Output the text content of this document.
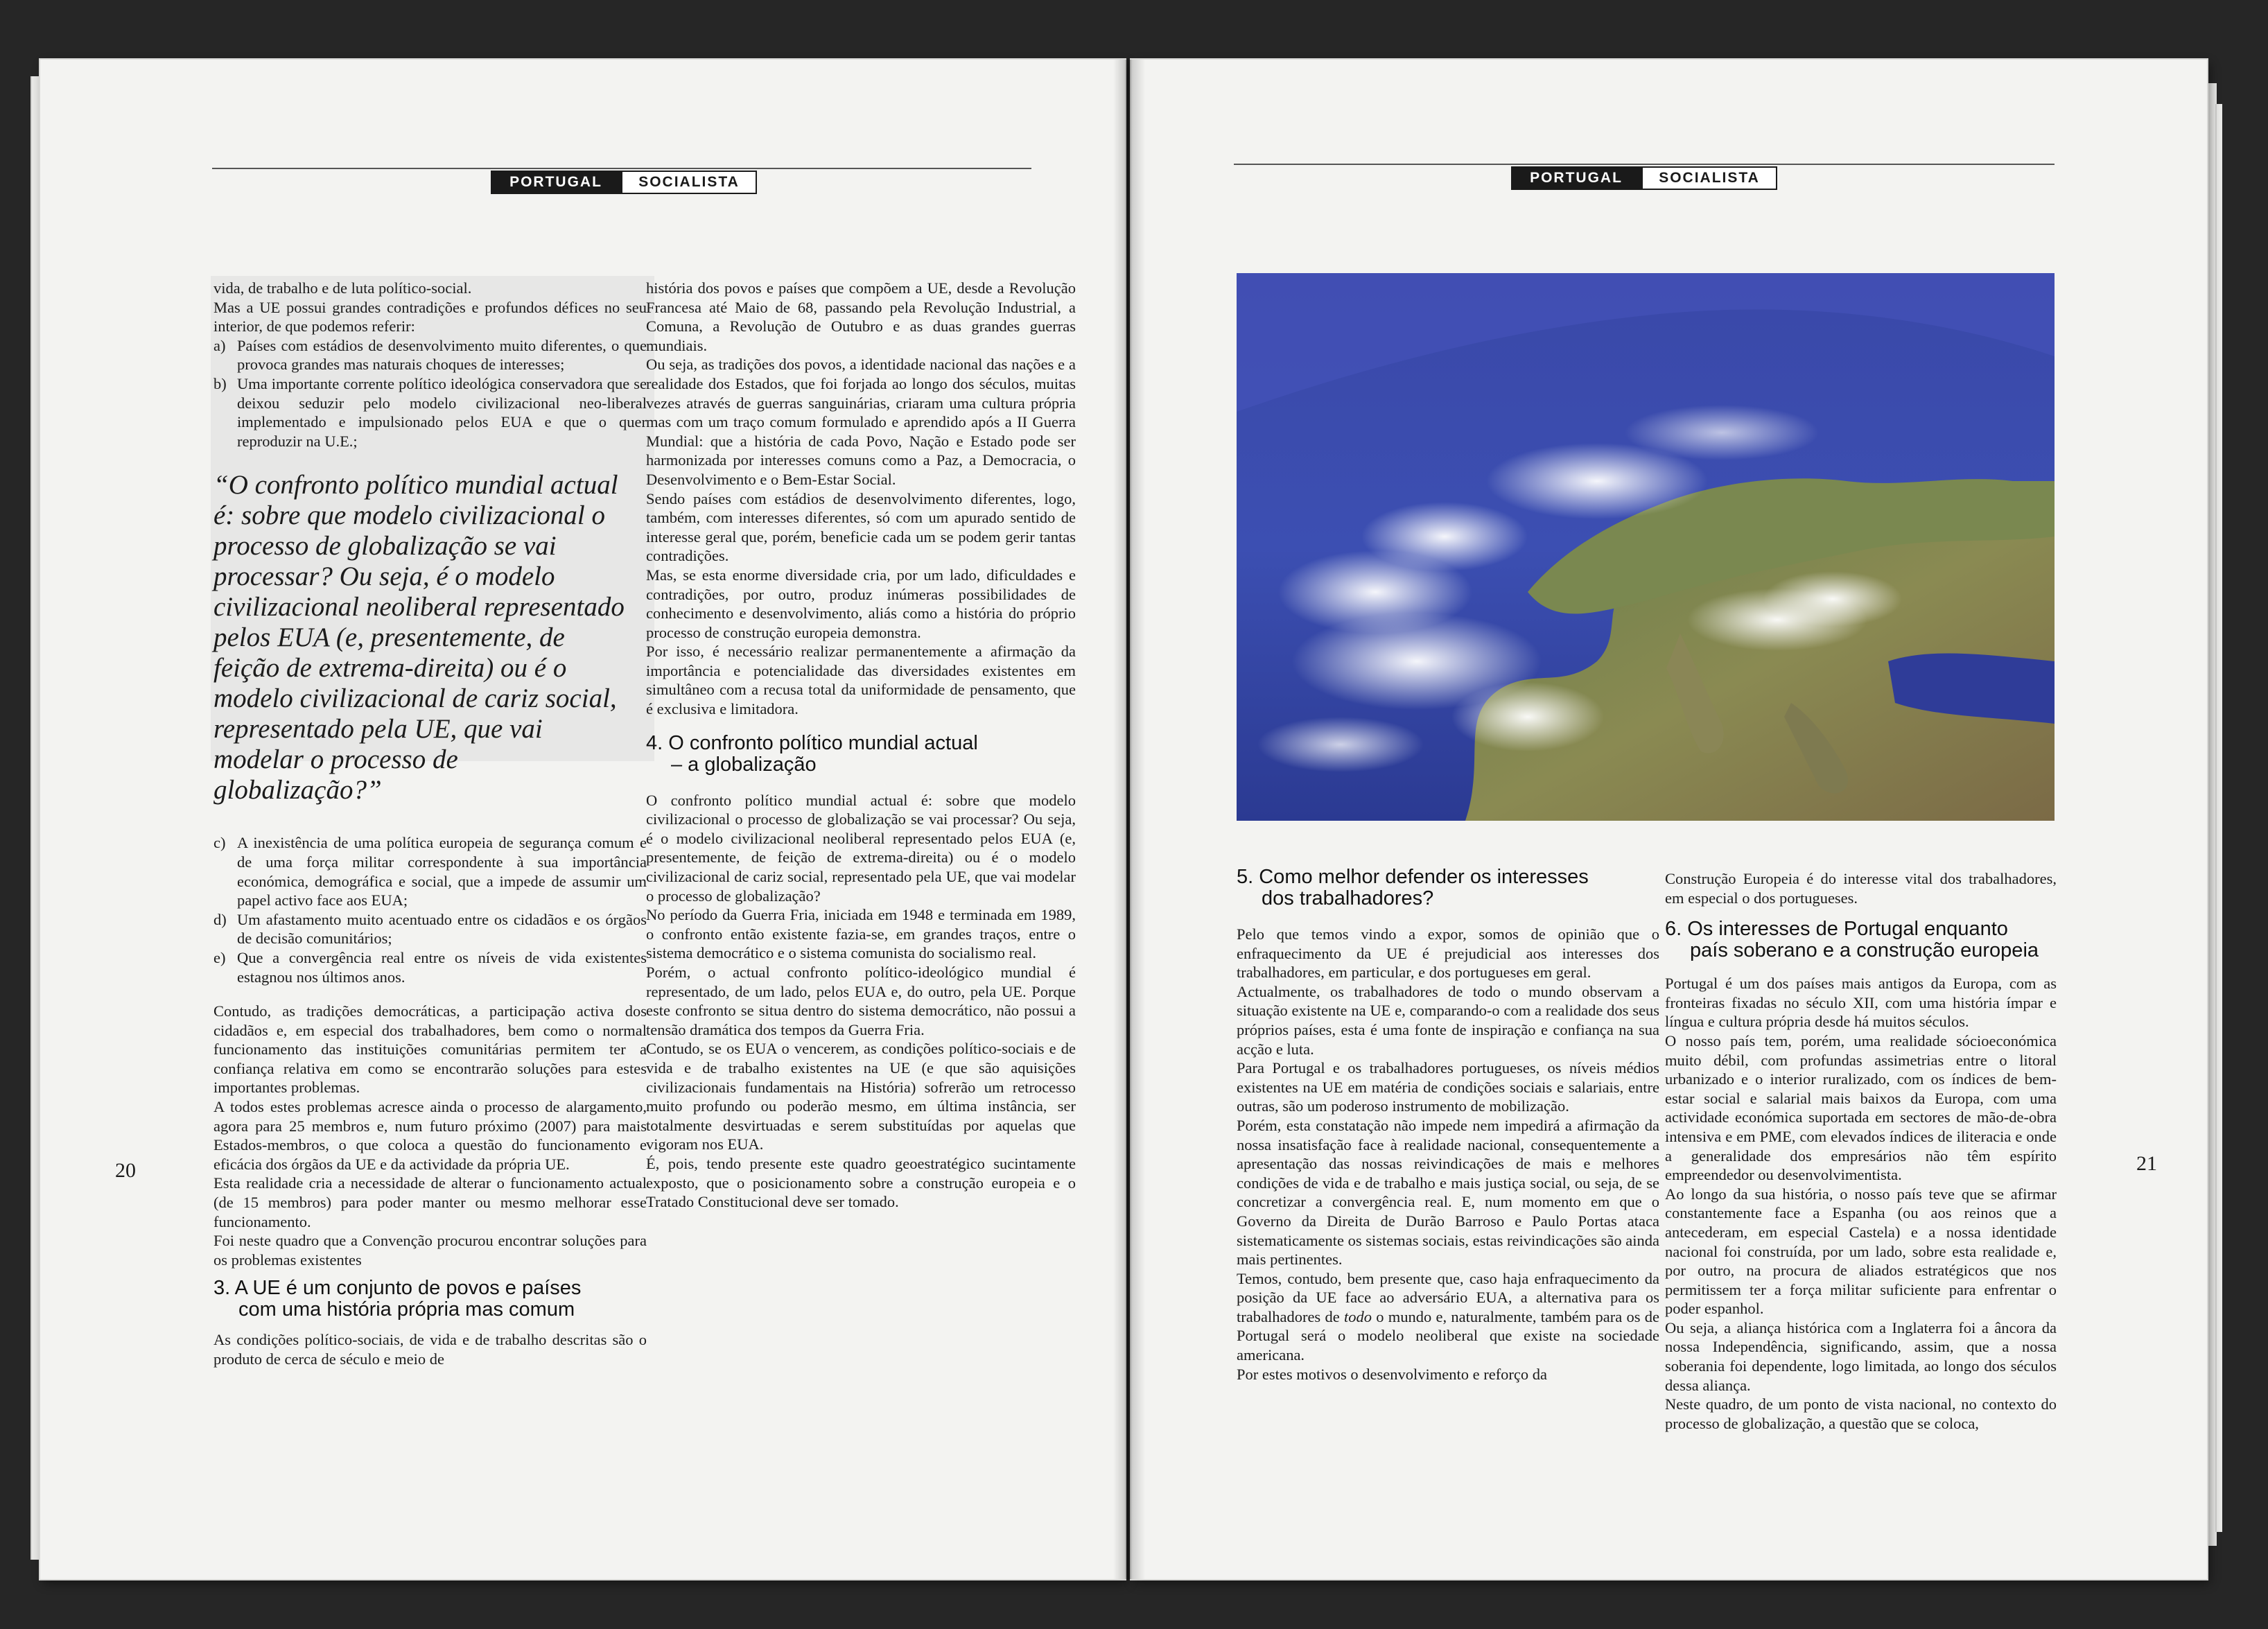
PORTUGAL	SOCIALISTA

vida, de trabalho e de luta político-social.

Mas a UE possui grandes contradições e profundos défices no seu interior, de que podemos referir:

a) Países com estádios de desenvolvimento muito diferentes, o que provoca grandes mas naturais choques de interesses;
b) Uma importante corrente político ideológica conservadora que se deixou seduzir pelo modelo civilizacional neo-liberal implementado e impulsionado pelos EUA e que o quer reproduzir na U.E.;
“O confronto político mundial actual é: sobre que modelo civilizacional o processo de globalização se vai processar? Ou seja, é o modelo civilizacional neoliberal representado pelos EUA (e, presentemente, de feição de extrema-direita) ou é o modelo civilizacional de cariz social, representado pela UE, que vai modelar o processo de globalização?”
c) A inexistência de uma política europeia de segurança comum e de uma força militar correspondente à sua importância económica, demográfica e social, que a impede de assumir um papel activo face aos EUA;
d) Um afastamento muito acentuado entre os cidadãos e os órgãos de decisão comunitários;
e) Que a convergência real entre os níveis de vida existentes estagnou nos últimos anos.

Contudo, as tradições democráticas, a participação activa dos cidadãos e, em especial dos trabalhadores, bem como o normal funcionamento das instituições comunitárias permitem ter a confiança relativa em como se encontrarão soluções para estes importantes problemas.

A todos estes problemas acresce ainda o processo de alargamento, agora para 25 membros e, num futuro próximo (2007) para mais Estados-membros, o que coloca a questão do funcionamento e eficácia dos órgãos da UE e da actividade da própria UE.

Esta realidade cria a necessidade de alterar o funcionamento actual (de 15 membros) para poder manter ou mesmo melhorar esse funcionamento.

Foi neste quadro que a Convenção procurou encontrar soluções para os problemas existentes

3. A UE é um conjunto de povos e países
com uma história própria mas comum

As condições político-sociais, de vida e de trabalho descritas são o produto de cerca de século e meio de

história dos povos e países que compõem a UE, desde a Revolução Francesa até Maio de 68, passando pela Revolução Industrial, a Comuna, a Revolução de Outubro e as duas grandes guerras mundiais.

Ou seja, as tradições dos povos, a identidade nacional das nações e a realidade dos Estados, que foi forjada ao longo dos séculos, muitas vezes através de guerras sanguinárias, criaram uma cultura própria mas com um traço comum formulado e aprendido após a II Guerra Mundial: que a história de cada Povo, Nação e Estado pode ser harmonizada por interesses comuns como a Paz, a Democracia, o Desenvolvimento e o Bem-Estar Social.

Sendo países com estádios de desenvolvimento diferentes, logo, também, com interesses diferentes, só com um apurado sentido de interesse geral que, porém, beneficie cada um se podem gerir tantas contradições.

Mas, se esta enorme diversidade cria, por um lado, dificuldades e contradições, por outro, produz inúmeras possibilidades de conhecimento e desenvolvimento, aliás como a história do próprio processo de construção europeia demonstra.

Por isso, é necessário realizar permanentemente a afirmação da importância e potencialidade das diversidades existentes em simultâneo com a recusa total da uniformidade de pensamento, que é exclusiva e limitadora.

4. O confronto político mundial actual
– a globalização

O confronto político mundial actual é: sobre que modelo civilizacional o processo de globalização se vai processar? Ou seja, é o modelo civilizacional neoliberal representado pelos EUA (e, presentemente, de feição de extrema-direita) ou é o modelo civilizacional de cariz social, representado pela UE, que vai modelar o processo de globalização?

No período da Guerra Fria, iniciada em 1948 e terminada em 1989, o confronto então existente fazia-se, em grandes traços, entre o sistema democrático e o sistema comunista do socialismo real.

Porém, o actual confronto político-ideológico mundial é representado, de um lado, pelos EUA e, do outro, pela UE. Porque este confronto se situa dentro do sistema democrático, não possui a tensão dramática dos tempos da Guerra Fria.

Contudo, se os EUA o vencerem, as condições político-sociais e de vida e de trabalho existentes na UE (e que são aquisições civilizacionais fundamentais na História) sofrerão um retrocesso muito profundo ou poderão mesmo, em última instância, ser totalmente desvirtuadas e serem substituídas por aquelas que vigoram nos EUA.

É, pois, tendo presente este quadro geoestratégico sucintamente exposto, que o posicionamento sobre a construção europeia e o Tratado Constitucional deve ser tomado.

20
PORTUGAL	SOCIALISTA
5. Como melhor defender os interesses
dos trabalhadores?

Pelo que temos vindo a expor, somos de opinião que o enfraquecimento da UE é prejudicial aos interesses dos trabalhadores, em particular, e dos portugueses em geral.

Actualmente, os trabalhadores de todo o mundo observam a situação existente na UE e, comparando-o com a realidade dos seus próprios países, esta é uma fonte de inspiração e confiança na sua acção e luta.

Para Portugal e os trabalhadores portugueses, os níveis médios existentes na UE em matéria de condições sociais e salariais, entre outras, são um poderoso instrumento de mobilização.

Porém, esta constatação não impede nem impedirá a afirmação da nossa insatisfação face à realidade nacional, consequentemente a apresentação das nossas reivindicações de mais e melhores condições de vida e de trabalho e mais justiça social, ou seja, de se concretizar a convergência real. E, num momento em que o Governo da Direita de Durão Barroso e Paulo Portas ataca sistematicamente os sistemas sociais, estas reivindicações são ainda mais pertinentes.

Temos, contudo, bem presente que, caso haja enfraquecimento da posição da UE face ao adversário EUA, a alternativa para os trabalhadores de todo o mundo e, naturalmente, também para os de Portugal será o modelo neoliberal que existe na sociedade americana.

Por estes motivos o desenvolvimento e reforço da

Construção Europeia é do interesse vital dos trabalhadores, em especial o dos portugueses.

6. Os interesses de Portugal enquanto
país soberano e a construção europeia

Portugal é um dos países mais antigos da Europa, com as fronteiras fixadas no século XII, com uma história ímpar e língua e cultura própria desde há muitos séculos.

O nosso país tem, porém, uma realidade sócioeconómica muito débil, com profundas assimetrias entre o litoral urbanizado e o interior ruralizado, com os índices de bem-estar social e salarial mais baixos da Europa, com uma actividade económica suportada em sectores de mão-de-obra intensiva e em PME, com elevados índices de iliteracia e onde a generalidade dos empresários não têm espírito empreendedor ou desenvolvimentista.

Ao longo da sua história, o nosso país teve que se afirmar constantemente face a Espanha (ou aos reinos que a antecederam, em especial Castela) e a nossa identidade nacional foi construída, por um lado, sobre esta realidade e, por outro, na procura de aliados estratégicos que nos permitissem ter a força militar suficiente para enfrentar o poder espanhol.

Ou seja, a aliança histórica com a Inglaterra foi a âncora da nossa Independência, significando, assim, que a nossa soberania foi dependente, logo limitada, ao longo dos séculos dessa aliança.

Neste quadro, de um ponto de vista nacional, no contexto do processo de globalização, a questão que se coloca,

21
